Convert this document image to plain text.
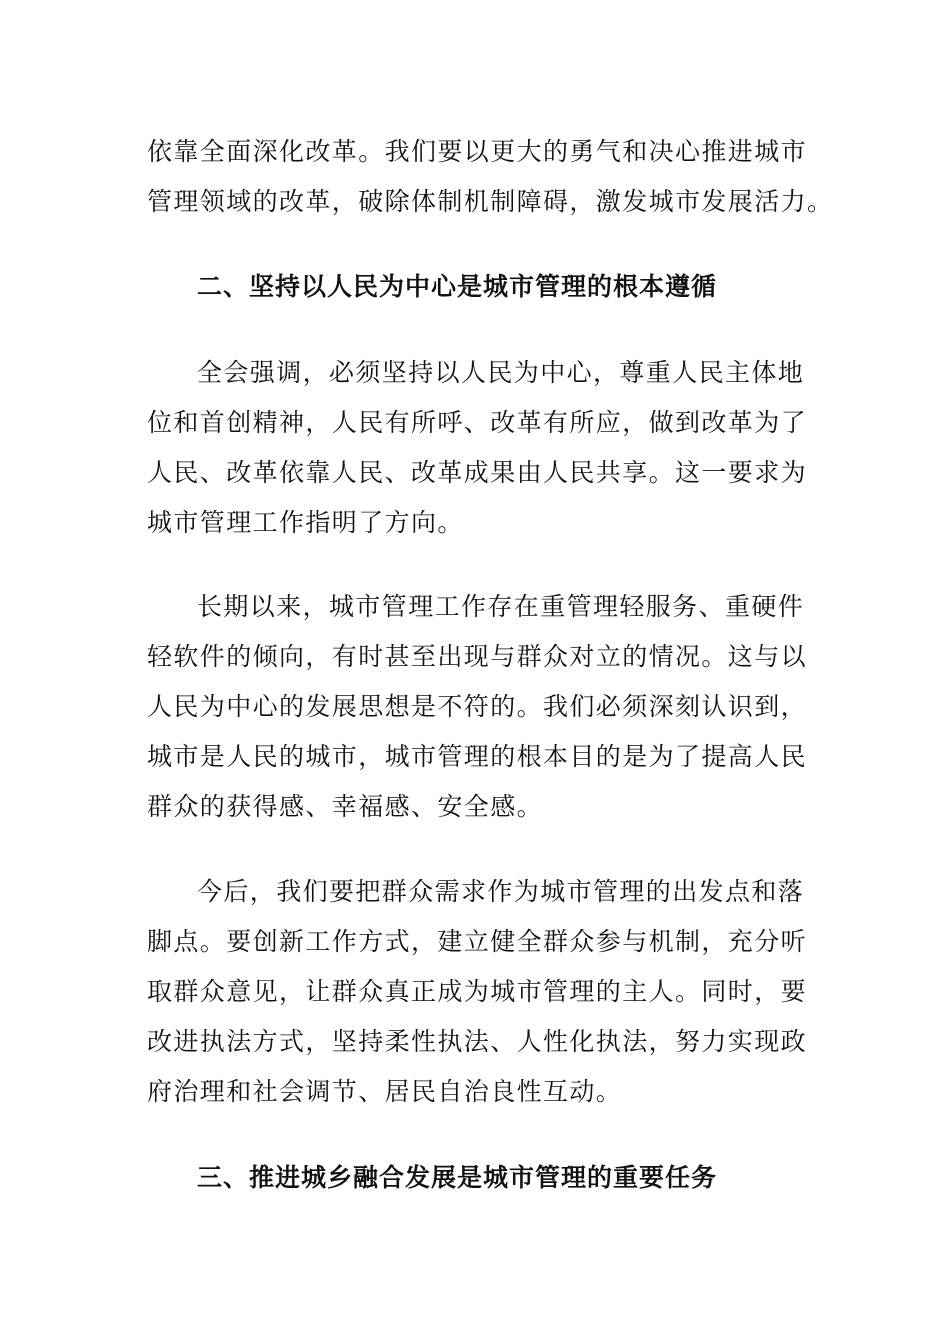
依靠全面深化改革。我们要以更大的勇气和决心推进城市
管理领域的改革，破除体制机制障碍，激发城市发展活力。
二、坚持以人民为中心是城市管理的根本遵循
全会强调，必须坚持以人民为中心，尊重人民主体地
位和首创精神，人民有所呼、改革有所应，做到改革为了
人民、改革依靠人民、改革成果由人民共享。这一要求为
城市管理工作指明了方向。
长期以来，城市管理工作存在重管理轻服务、重硬件
轻软件的倾向，有时甚至出现与群众对立的情况。这与以
人民为中心的发展思想是不符的。我们必须深刻认识到，
城市是人民的城市，城市管理的根本目的是为了提高人民
群众的获得感、幸福感、安全感。
今后，我们要把群众需求作为城市管理的出发点和落
脚点。要创新工作方式，建立健全群众参与机制，充分听
取群众意见，让群众真正成为城市管理的主人。同时，要
改进执法方式，坚持柔性执法、人性化执法，努力实现政
府治理和社会调节、居民自治良性互动。
三、推进城乡融合发展是城市管理的重要任务
